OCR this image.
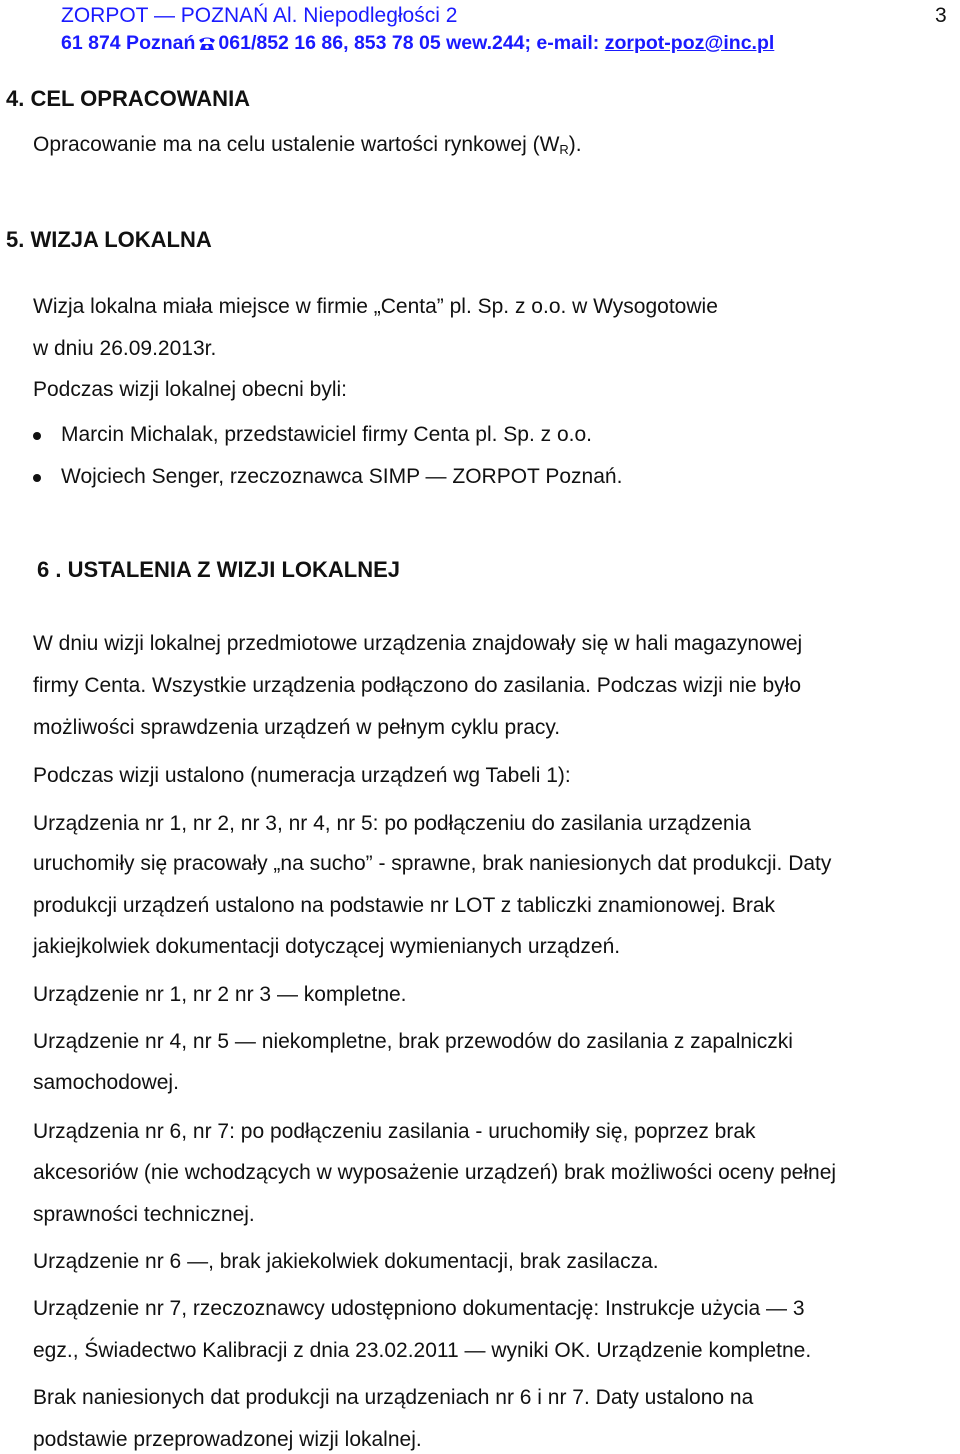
ZORPOT — POZNAŃ Al. Niepodległości 2
61 874 Poznań 061/852 16 86, 853 78 05 wew.244; e-mail: zorpot-poz@inc.pl
3
4. CEL OPRACOWANIA
Opracowanie ma na celu ustalenie wartości rynkowej $(W_R)$.
5. WIZJA LOKALNA
Wizja lokalna miała miejsce w firmie „Centa” pl. Sp. z o.o. w Wysogotowie
w dniu 26.09.2013r.
Podczas wizji lokalnej obecni byli:
Marcin Michalak, przedstawiciel firmy Centa pl. Sp. z o.o.
Wojciech Senger, rzeczoznawca SIMP — ZORPOT Poznań.
6 . USTALENIA Z WIZJI LOKALNEJ
W dniu wizji lokalnej przedmiotowe urządzenia znajdowały się w hali magazynowej
firmy Centa. Wszystkie urządzenia podłączono do zasilania. Podczas wizji nie było
możliwości sprawdzenia urządzeń w pełnym cyklu pracy.
Podczas wizji ustalono (numeracja urządzeń wg Tabeli 1):
Urządzenia nr 1, nr 2, nr 3, nr 4, nr 5: po podłączeniu do zasilania urządzenia
uruchomiły się pracowały „na sucho” - sprawne, brak naniesionych dat produkcji. Daty
produkcji urządzeń ustalono na podstawie nr LOT z tabliczki znamionowej. Brak
jakiejkolwiek dokumentacji dotyczącej wymienianych urządzeń.
Urządzenie nr 1, nr 2 nr 3 — kompletne.
Urządzenie nr 4, nr 5 — niekompletne, brak przewodów do zasilania z zapalniczki
samochodowej.
Urządzenia nr 6, nr 7: po podłączeniu zasilania - uruchomiły się, poprzez brak
akcesoriów (nie wchodzących w wyposażenie urządzeń) brak możliwości oceny pełnej
sprawności technicznej.
Urządzenie nr 6 —, brak jakiekolwiek dokumentacji, brak zasilacza.
Urządzenie nr 7, rzeczoznawcy udostępniono dokumentację: Instrukcje użycia — 3
egz., Świadectwo Kalibracji z dnia 23.02.2011 — wyniki OK. Urządzenie kompletne.
Brak naniesionych dat produkcji na urządzeniach nr 6 i nr 7. Daty ustalono na
podstawie przeprowadzonej wizji lokalnej.
